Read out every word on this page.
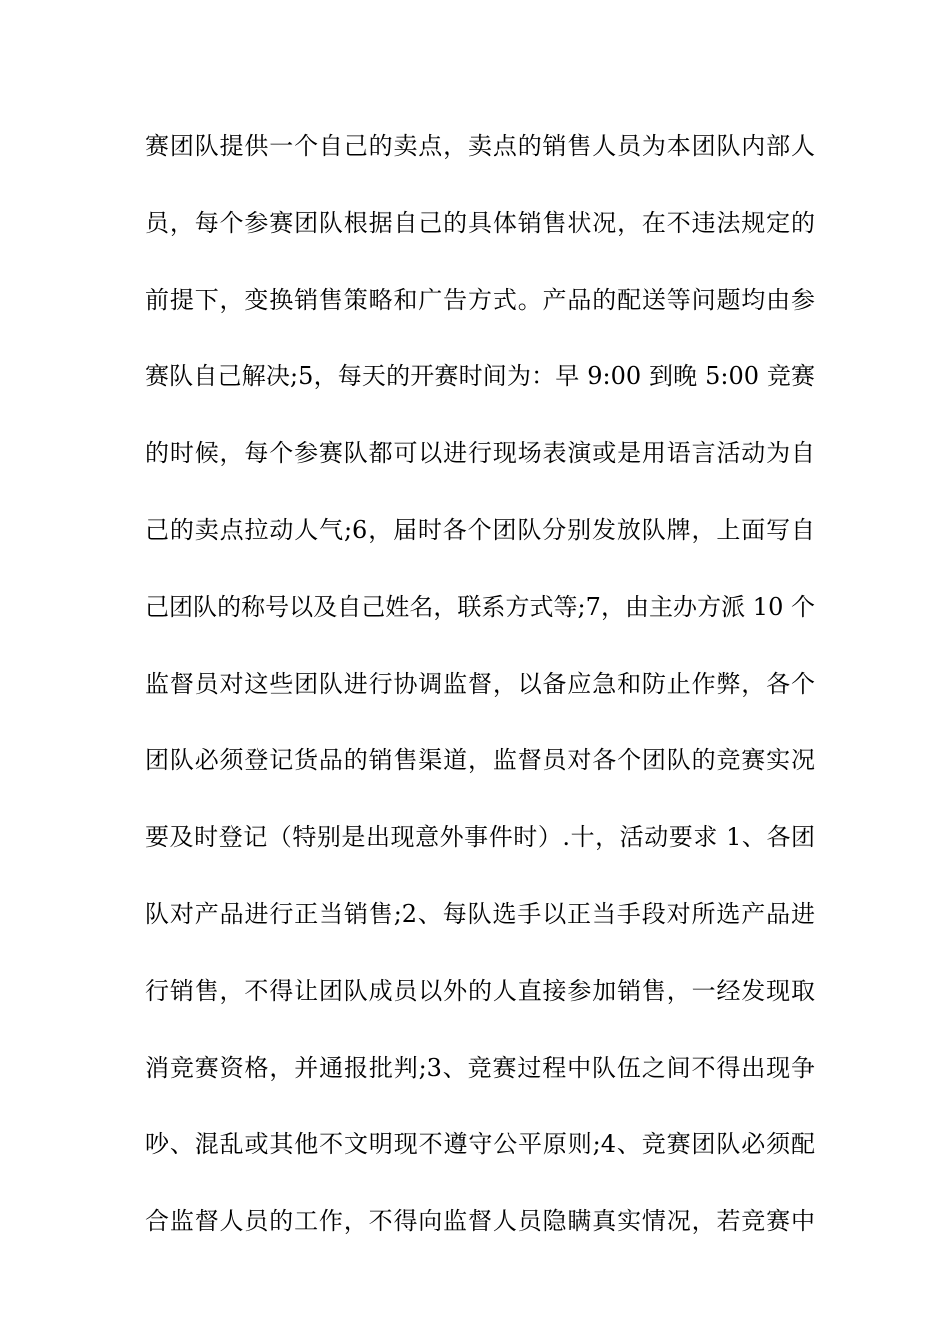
赛团队提供一个自己的卖点，卖点的销售人员为本团队内部人
员，每个参赛团队根据自己的具体销售状况，在不违法规定的
前提下，变换销售策略和广告方式。产品的配送等问题均由参
赛队自己解决;5，每天的开赛时间为：早 9:00 到晚 5:00 竞赛
的时候，每个参赛队都可以进行现场表演或是用语言活动为自
己的卖点拉动人气;6，届时各个团队分别发放队牌，上面写自
己团队的称号以及自己姓名，联系方式等;7，由主办方派 10 个
监督员对这些团队进行协调监督，以备应急和防止作弊，各个
团队必须登记货品的销售渠道，监督员对各个团队的竞赛实况
要及时登记（特别是出现意外事件时）.十，活动要求 1、各团
队对产品进行正当销售;2、每队选手以正当手段对所选产品进
行销售，不得让团队成员以外的人直接参加销售，一经发现取
消竞赛资格，并通报批判;3、竞赛过程中队伍之间不得出现争
吵、混乱或其他不文明现不遵守公平原则;4、竞赛团队必须配
合监督人员的工作，不得向监督人员隐瞒真实情况，若竞赛中
